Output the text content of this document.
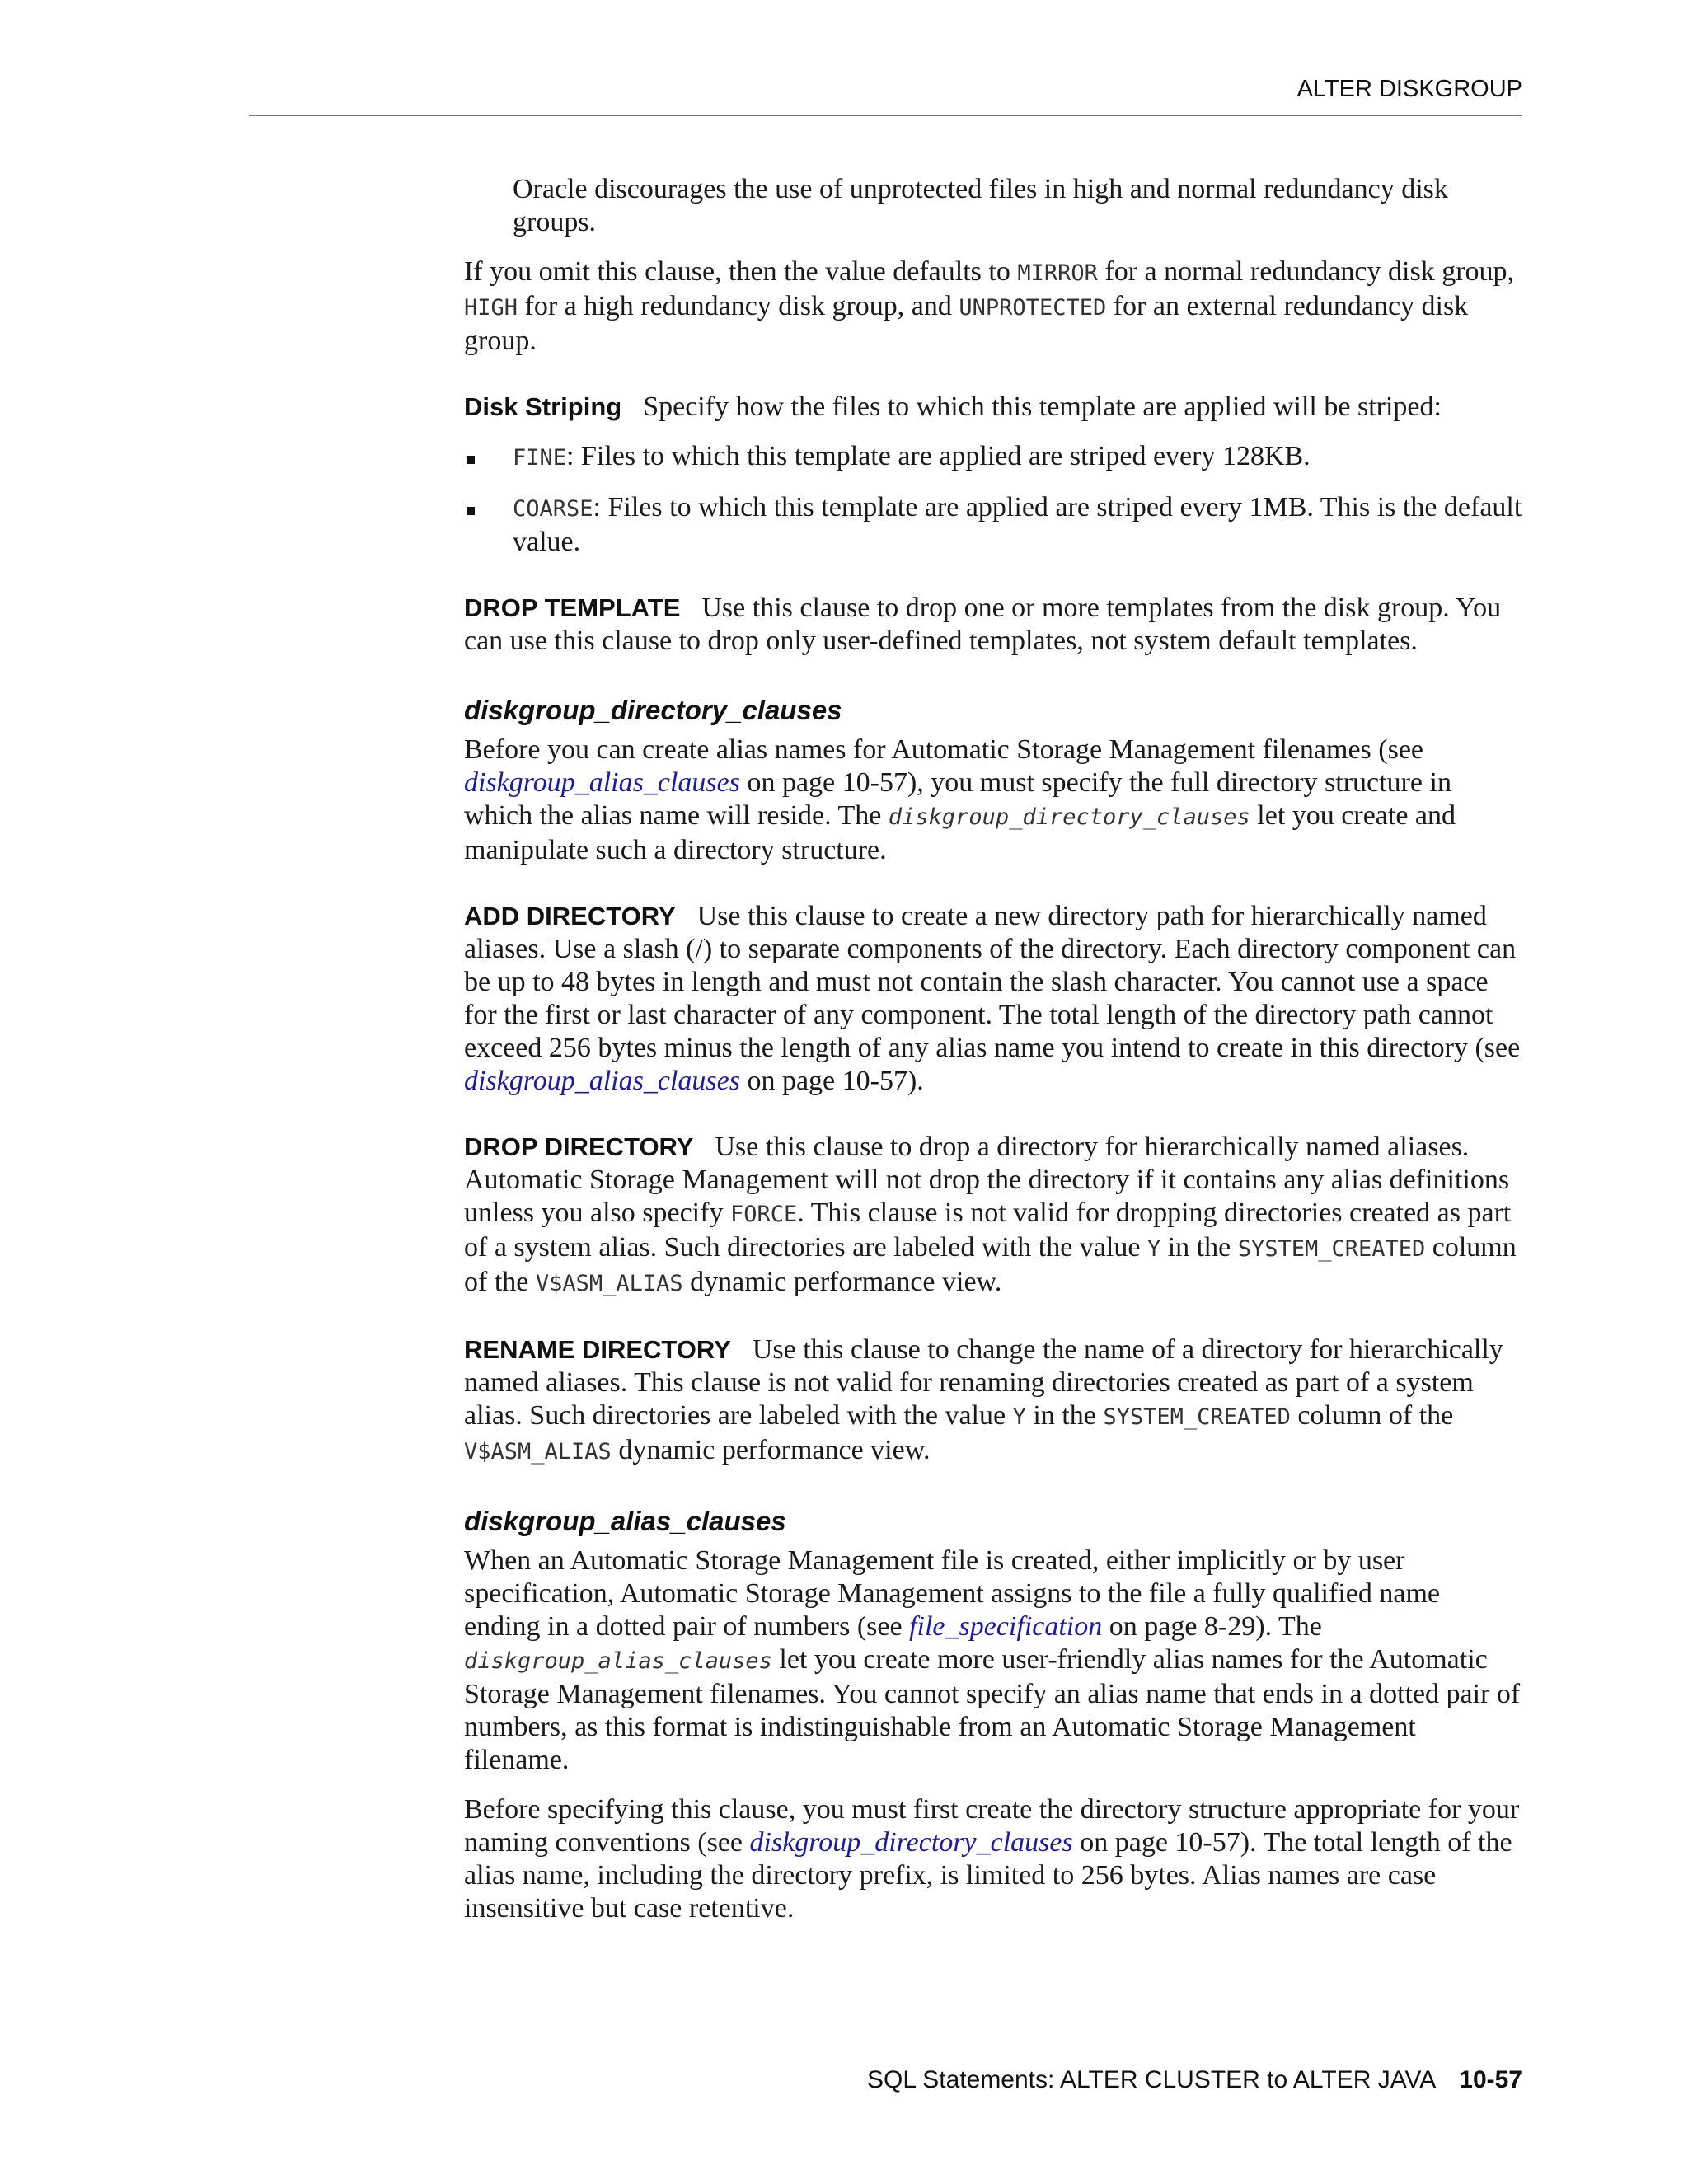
ALTER DISKGROUP

Oracle discourages the use of unprotected files in high and normal redundancy disk groups.

If you omit this clause, then the value defaults to MIRROR for a normal redundancy disk group, HIGH for a high redundancy disk group, and UNPROTECTED for an external redundancy disk group.

Disk Striping Specify how the files to which this template are applied will be striped:

FINE: Files to which this template are applied are striped every 128KB.
COARSE: Files to which this template are applied are striped every 1MB. This is the default value.

DROP TEMPLATE Use this clause to drop one or more templates from the disk group. You can use this clause to drop only user-defined templates, not system default templates.

diskgroup_directory_clauses

Before you can create alias names for Automatic Storage Management filenames (see diskgroup_alias_clauses on page 10-57), you must specify the full directory structure in which the alias name will reside. The diskgroup_directory_clauses let you create and manipulate such a directory structure.

ADD DIRECTORY Use this clause to create a new directory path for hierarchically named aliases. Use a slash (/) to separate components of the directory. Each directory component can be up to 48 bytes in length and must not contain the slash character. You cannot use a space for the first or last character of any component. The total length of the directory path cannot exceed 256 bytes minus the length of any alias name you intend to create in this directory (see diskgroup_alias_clauses on page 10-57).

DROP DIRECTORY Use this clause to drop a directory for hierarchically named aliases. Automatic Storage Management will not drop the directory if it contains any alias definitions unless you also specify FORCE. This clause is not valid for dropping directories created as part of a system alias. Such directories are labeled with the value Y in the SYSTEM_CREATED column of the V$ASM_ALIAS dynamic performance view.

RENAME DIRECTORY Use this clause to change the name of a directory for hierarchically named aliases. This clause is not valid for renaming directories created as part of a system alias. Such directories are labeled with the value Y in the SYSTEM_CREATED column of the V$ASM_ALIAS dynamic performance view.

diskgroup_alias_clauses

When an Automatic Storage Management file is created, either implicitly or by user specification, Automatic Storage Management assigns to the file a fully qualified name ending in a dotted pair of numbers (see file_specification on page 8-29). The diskgroup_alias_clauses let you create more user-friendly alias names for the Automatic Storage Management filenames. You cannot specify an alias name that ends in a dotted pair of numbers, as this format is indistinguishable from an Automatic Storage Management filename.

Before specifying this clause, you must first create the directory structure appropriate for your naming conventions (see diskgroup_directory_clauses on page 10-57). The total length of the alias name, including the directory prefix, is limited to 256 bytes. Alias names are case insensitive but case retentive.

SQL Statements: ALTER CLUSTER to ALTER JAVA 10-57
